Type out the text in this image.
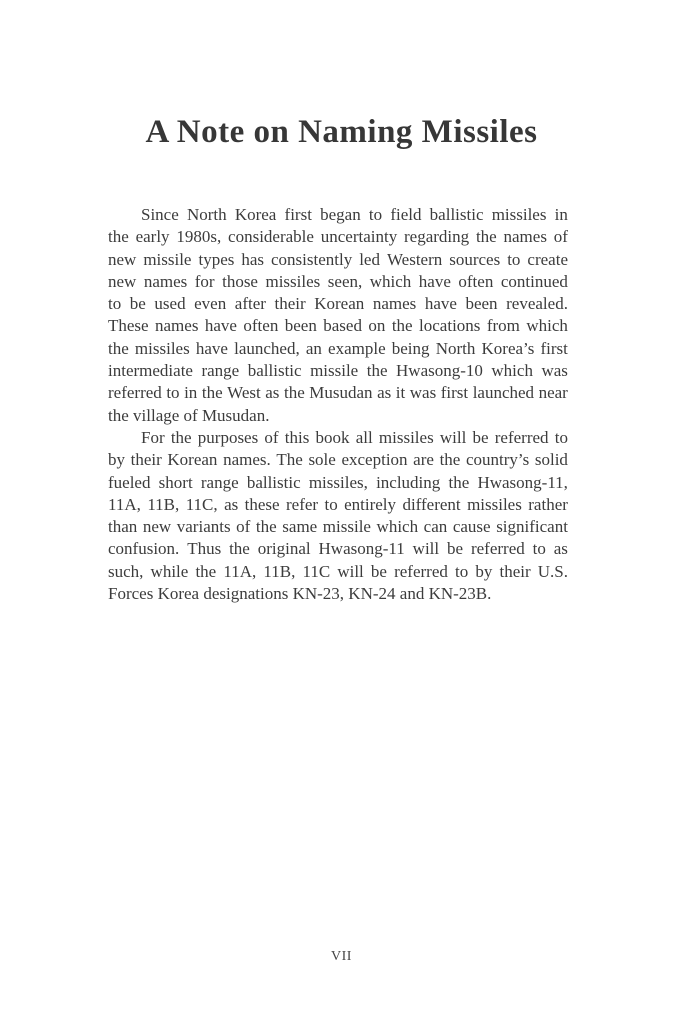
A Note on Naming Missiles
Since North Korea first began to field ballistic missiles in
the early 1980s, considerable uncertainty regarding the names of
new missile types has consistently led Western sources to create
new names for those missiles seen, which have often continued
to be used even after their Korean names have been revealed.
These names have often been based on the locations from which
the missiles have launched, an example being North Korea’s first
intermediate range ballistic missile the Hwasong-10 which was
referred to in the West as the Musudan as it was first launched near
the village of Musudan.
For the purposes of this book all missiles will be referred to
by their Korean names. The sole exception are the country’s solid
fueled short range ballistic missiles, including the Hwasong-11,
11A, 11B, 11C, as these refer to entirely different missiles rather
than new variants of the same missile which can cause significant
confusion. Thus the original Hwasong-11 will be referred to as
such, while the 11A, 11B, 11C will be referred to by their U.S.
Forces Korea designations KN-23, KN-24 and KN-23B.
VII
